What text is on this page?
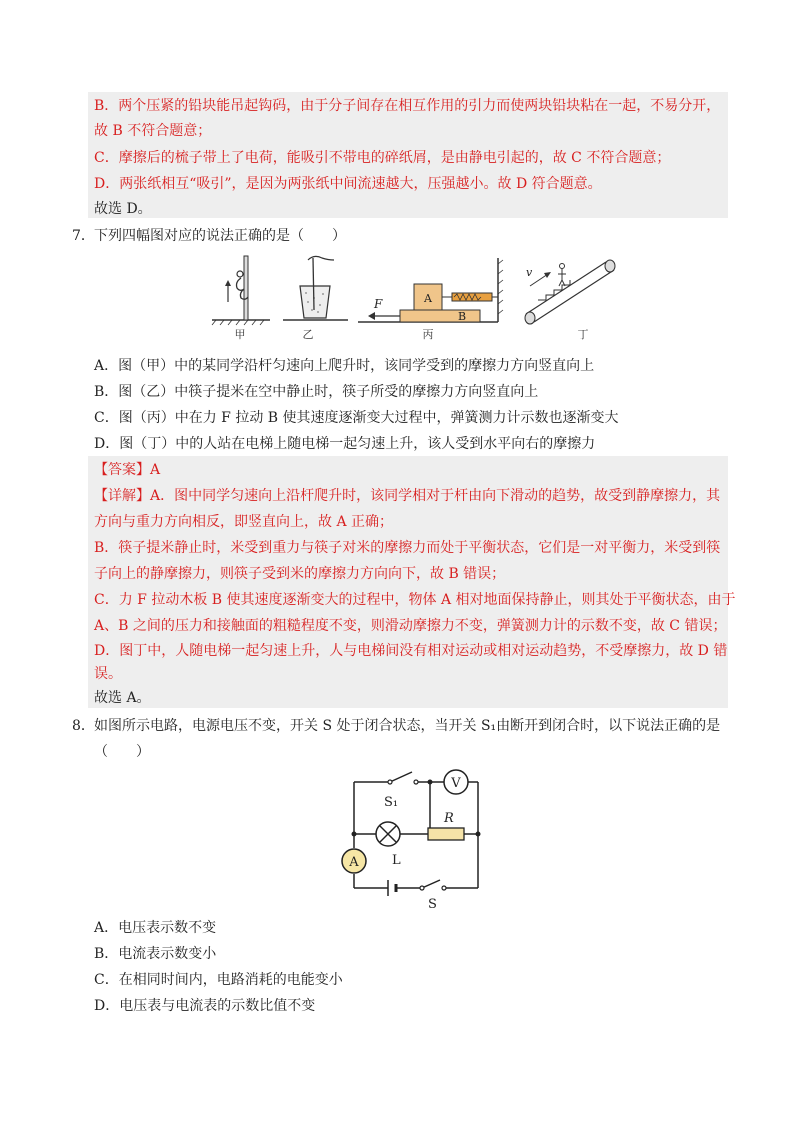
B．两个压紧的铅块能吊起钩码，由于分子间存在相互作用的引力而使两块铅块粘在一起，不易分开，
故 B 不符合题意；
C．摩擦后的梳子带上了电荷，能吸引不带电的碎纸屑，是由静电引起的，故 C 不符合题意；
D．两张纸相互“吸引”，是因为两张纸中间流速越大，压强越小。故 D 符合题意。
故选 D。
7． 下列四幅图对应的说法正确的是（　　）
甲	乙
A
B
F
丙
v
丁
A．图（甲）中的某同学沿杆匀速向上爬升时，该同学受到的摩擦力方向竖直向上
B．图（乙）中筷子提米在空中静止时，筷子所受的摩擦力方向竖直向上
C．图（丙）中在力 F 拉动 B 使其速度逐渐变大过程中，弹簧测力计示数也逐渐变大
D．图（丁）中的人站在电梯上随电梯一起匀速上升，该人受到水平向右的摩擦力
【答案】A
【详解】A．图中同学匀速向上沿杆爬升时，该同学相对于杆由向下滑动的趋势，故受到静摩擦力，其
方向与重力方向相反，即竖直向上，故 A 正确；
B．筷子提米静止时，米受到重力与筷子对米的摩擦力而处于平衡状态，它们是一对平衡力，米受到筷
子向上的静摩擦力，则筷子受到米的摩擦力方向向下，故 B 错误；
C．力 F 拉动木板 B 使其速度逐渐变大的过程中，物体 A 相对地面保持静止，则其处于平衡状态，由于
A、B 之间的压力和接触面的粗糙程度不变，则滑动摩擦力不变，弹簧测力计的示数不变，故 C 错误；
D．图丁中，人随电梯一起匀速上升，人与电梯间没有相对运动或相对运动趋势，不受摩擦力，故 D 错
误。
故选 A。
8． 如图所示电路，电源电压不变，开关 S 处于闭合状态，当开关 S₁由断开到闭合时，以下说法正确的是
（　　）
V
A
S₁
R
L
S
A．电压表示数不变
B．电流表示数变小
C．在相同时间内，电路消耗的电能变小
D．电压表与电流表的示数比值不变
